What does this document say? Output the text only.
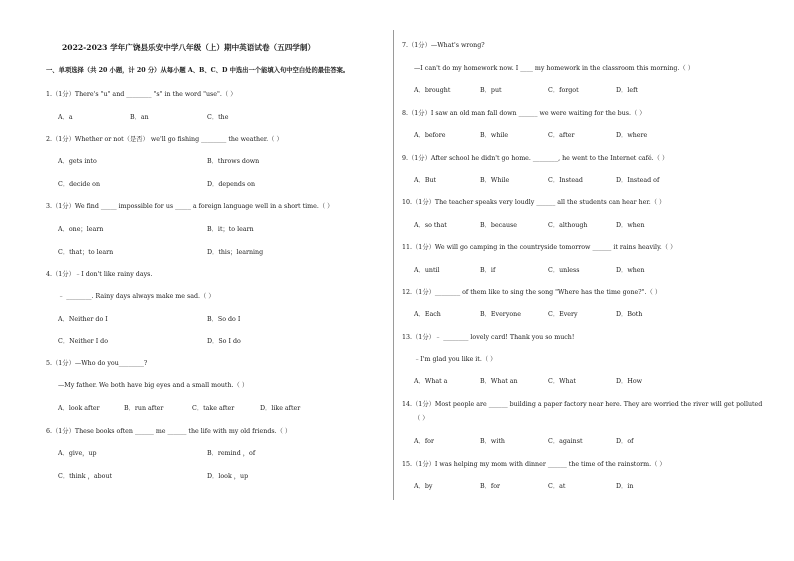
2022-2023 学年广饶县乐安中学八年级（上）期中英语试卷（五四学制）
一、单项选择（共 20 小题，计 20 分）从每小题 A、B、C、D 中选出一个能填入句中空白处的最佳答案。
1.（1分）There's "u" and ________ "s" in the word "use".（ ）
A．a	B．an	C．the
2.（1分）Whether or not（是否） we'll go fishing ________ the weather.（ ）
A．gets into	B．throws down
C．decide on	D．depends on
3.（1分）We find _____ impossible for us _____ a foreign language well in a short time.（ ）
A．one；learn	B．it；to learn
C．that；to learn	D．this；learning
4.（1分）﹣I don't like rainy days.
﹣ ________. Rainy days always make me sad.（ ）
A．Neither do I	B．So do I
C．Neither I do	D．So I do
5.（1分）—Who do you________?
—My father. We both have big eyes and a small mouth.（ ）
A．look after	B．run after	C．take after	D．like after
6.（1分）These books often ______ me ______ the life with my old friends.（ ）
A．give，up	B．remind ，of
C．think ，about	D．look ，up
7.（1分）—What's wrong?
—I can't do my homework now. I ____ my homework in the classroom this morning.（ ）
A．brought	B．put	C．forgot	D．left
8.（1分）I saw an old man fall down ______ we were waiting for the bus.（ ）
A．before	B．while	C．after	D．where
9.（1分）After school he didn't go home. ________, he went to the Internet café.（ ）
A．But	B．While	C．Instead	D．Instead of
10.（1分）The teacher speaks very loudly ______ all the students can hear her.（ ）
A．so that	B．because	C．although	D．when
11.（1分）We will go camping in the countryside tomorrow ______ it rains heavily.（ ）
A．until	B．if	C．unless	D．when
12.（1分）________ of them like to sing the song "Where has the time gone?".（ ）
A．Each	B．Everyone	C．Every	D．Both
13.（1分）﹣ ________ lovely card! Thank you so much!
﹣I'm glad you like it.（ ）
A．What a	B．What an	C．What	D．How
14.（1分）Most people are ______ building a paper factory near here. They are worried the river will get polluted
（ ）
A．for	B．with	C．against	D．of
15.（1分）I was helping my mom with dinner ______ the time of the rainstorm.（ ）
A．by	B．for	C．at	D．in
